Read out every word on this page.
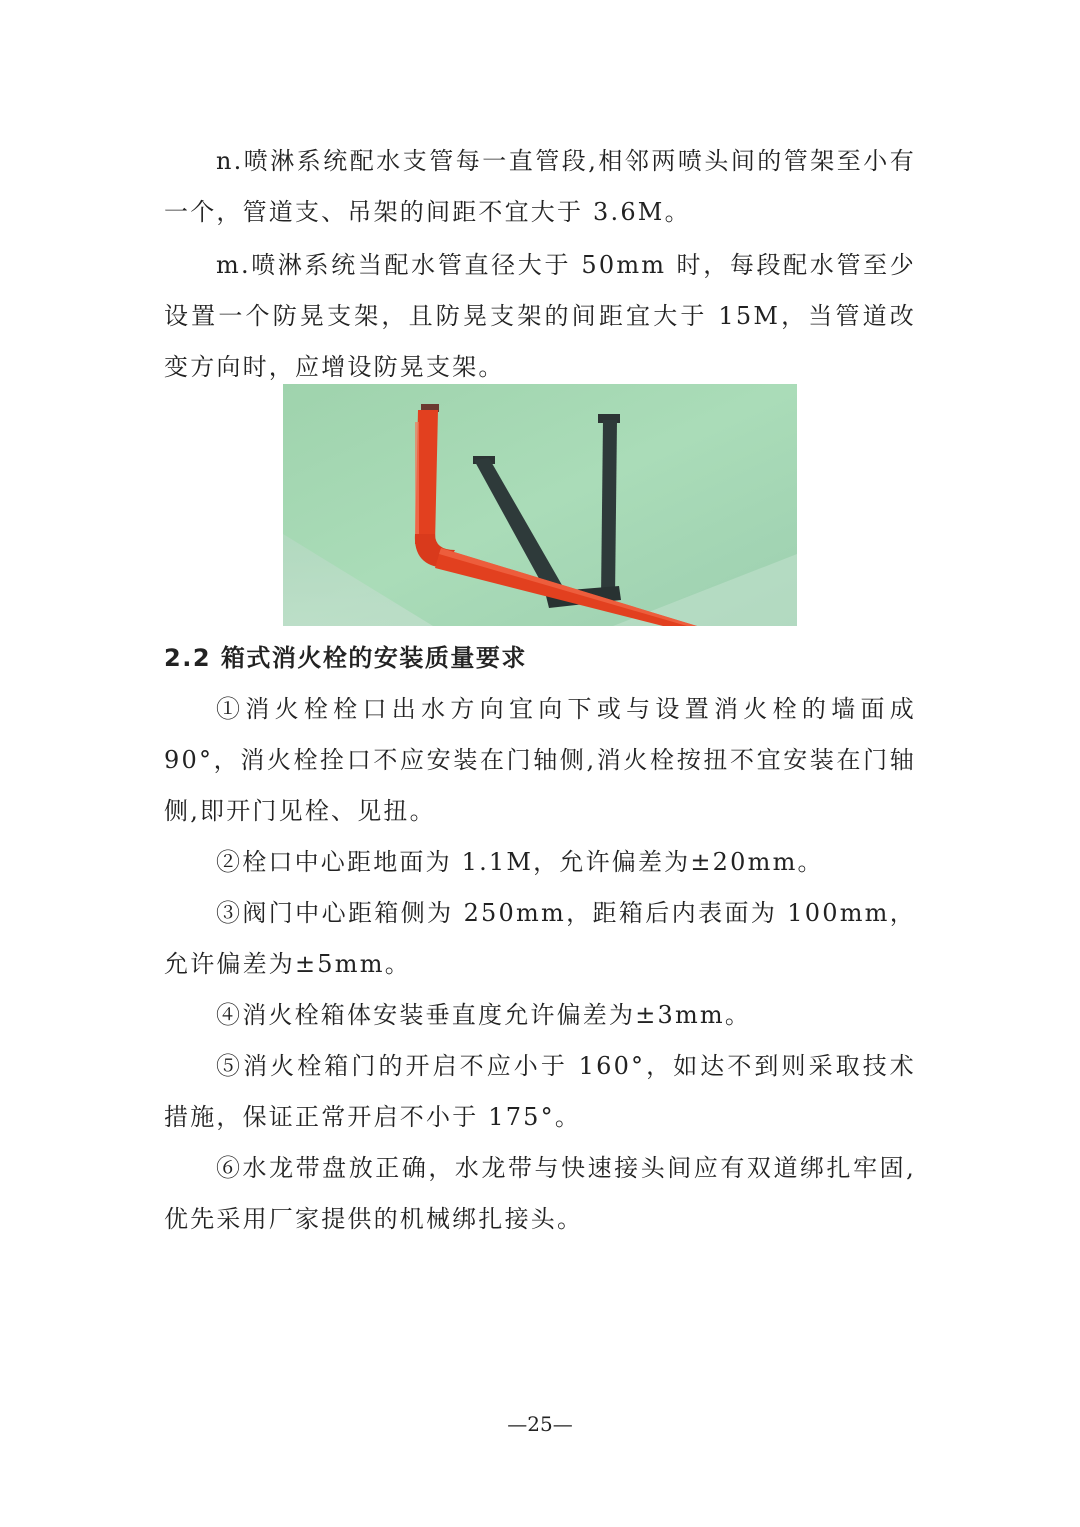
n.喷淋系统配水支管每一直管段,相邻两喷头间的管架至小有一个，管道支、吊架的间距不宜大于 3.6M。

m.喷淋系统当配水管直径大于 50mm 时，每段配水管至少设置一个防晃支架，且防晃支架的间距宜大于 15M，当管道改变方向时，应增设防晃支架。

2.2 箱式消火栓的安装质量要求

①消火栓栓口出水方向宜向下或与设置消火栓的墙面成 90°，消火栓拴口不应安装在门轴侧,消火栓按扭不宜安装在门轴侧,即开门见栓、见扭。

②栓口中心距地面为 1.1M，允许偏差为±20mm。

③阀门中心距箱侧为 250mm，距箱后内表面为 100mm，允许偏差为±5mm。

④消火栓箱体安装垂直度允许偏差为±3mm。

⑤消火栓箱门的开启不应小于 160°，如达不到则采取技术措施，保证正常开启不小于 175°。

⑥水龙带盘放正确，水龙带与快速接头间应有双道绑扎牢固,优先采用厂家提供的机械绑扎接头。

—25—
